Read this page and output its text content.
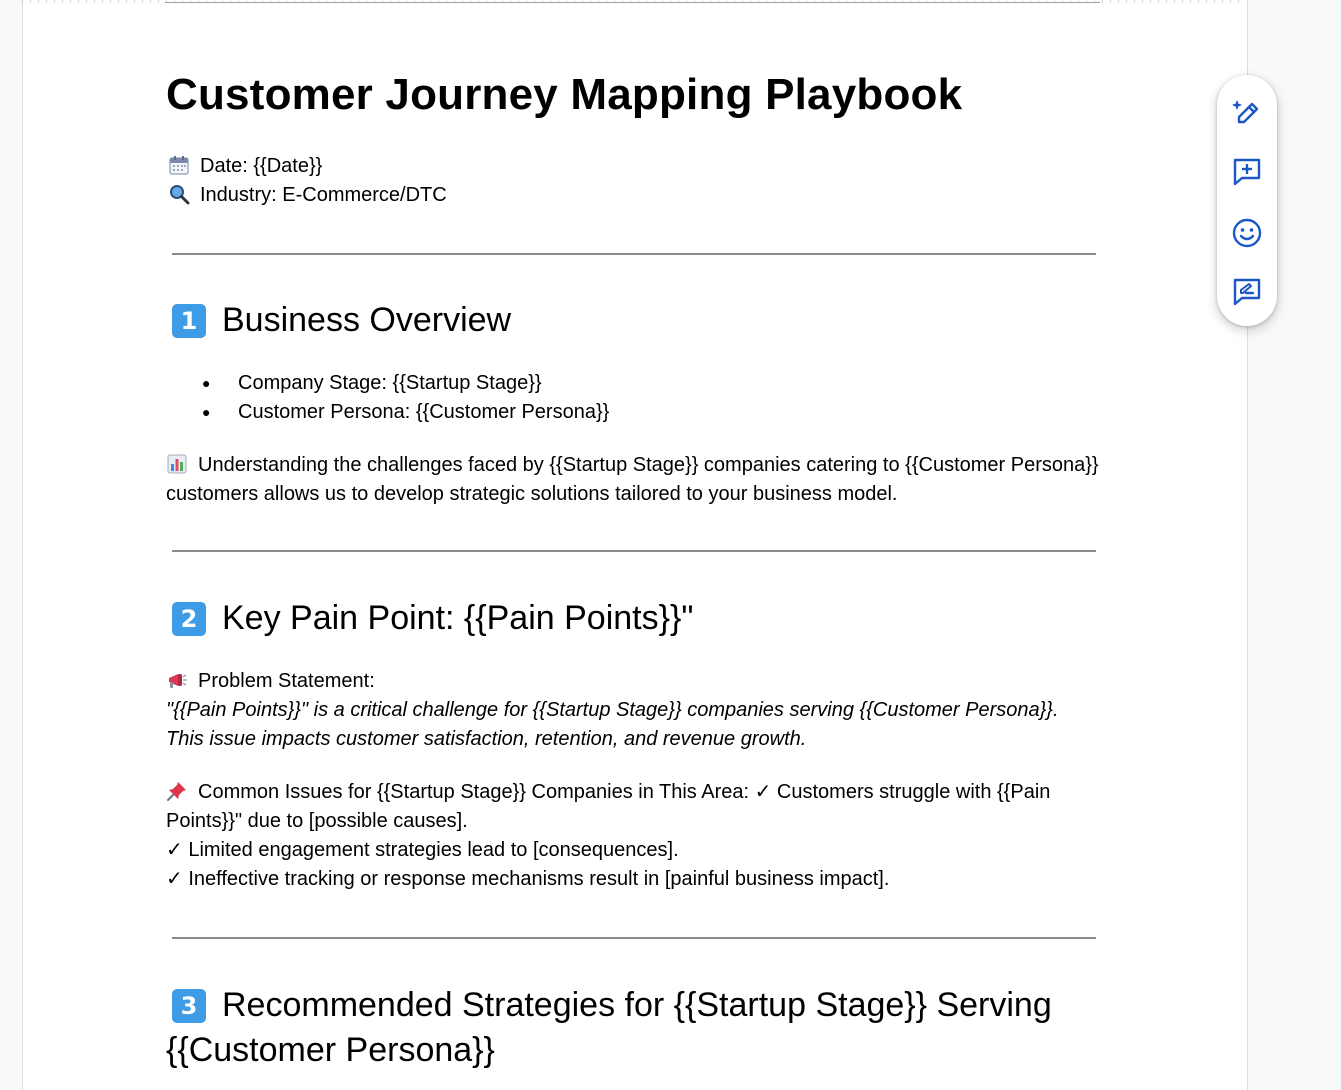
Customer Journey Mapping Playbook
Date: {{Date}}
Industry: E-Commerce/DTC
1 Business Overview
● Company Stage: {{Startup Stage}}
● Customer Persona: {{Customer Persona}}
Understanding the challenges faced by {{Startup Stage}} companies catering to {{Customer Persona}} customers allows us to develop strategic solutions tailored to your business model.
2 Key Pain Point: {{Pain Points}}"
Problem Statement:
"{{Pain Points}}" is a critical challenge for {{Startup Stage}} companies serving {{Customer Persona}}. This issue impacts customer satisfaction, retention, and revenue growth.
Common Issues for {{Startup Stage}} Companies in This Area: ✓ Customers struggle with {{Pain Points}}" due to [possible causes].
✓ Limited engagement strategies lead to [consequences].
✓ Ineffective tracking or response mechanisms result in [painful business impact].
3 Recommended Strategies for {{Startup Stage}} Serving {{Customer Persona}}
